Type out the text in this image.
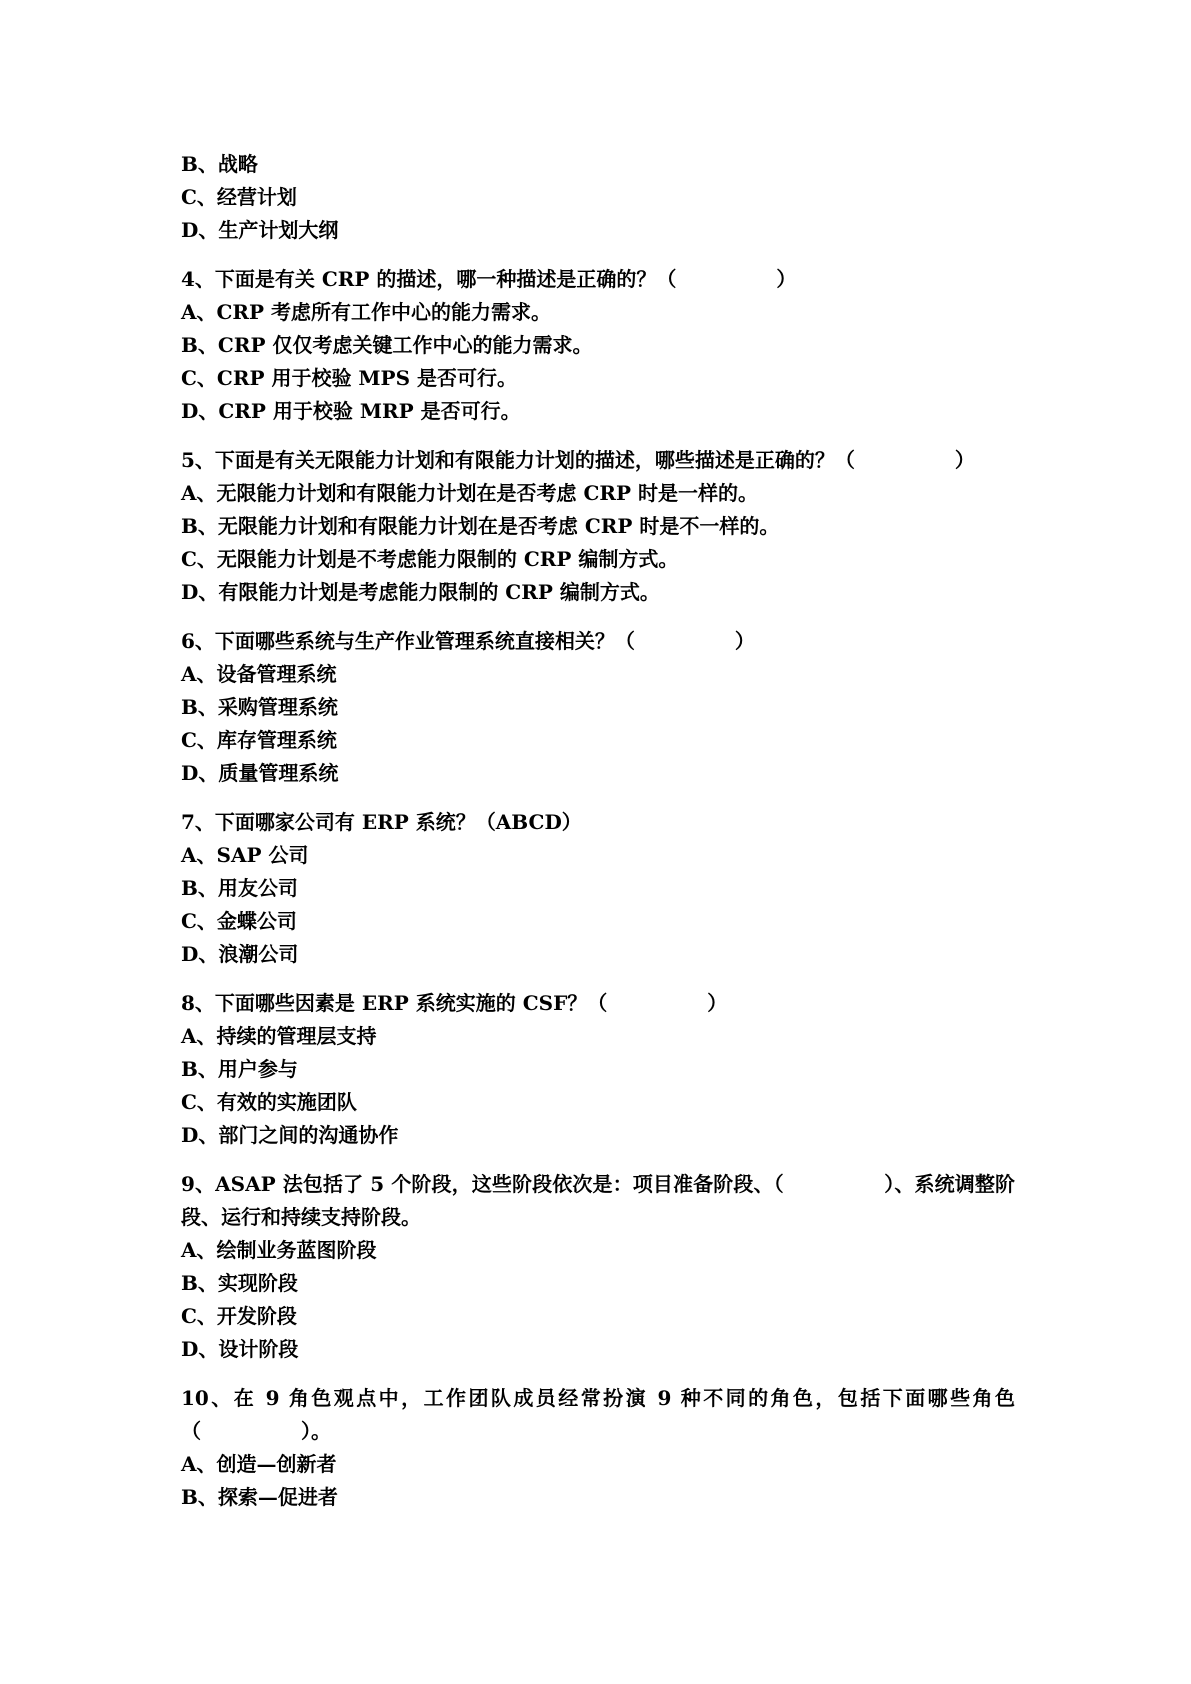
B、战略
C、经营计划
D、生产计划大纲
4、下面是有关 CRP 的描述，哪一种描述是正确的？（　　　　　）
A、CRP 考虑所有工作中心的能力需求。
B、CRP 仅仅考虑关键工作中心的能力需求。
C、CRP 用于校验 MPS 是否可行。
D、CRP 用于校验 MRP 是否可行。
5、下面是有关无限能力计划和有限能力计划的描述，哪些描述是正确的？（　　　　　）
A、无限能力计划和有限能力计划在是否考虑 CRP 时是一样的。
B、无限能力计划和有限能力计划在是否考虑 CRP 时是不一样的。
C、无限能力计划是不考虑能力限制的 CRP 编制方式。
D、有限能力计划是考虑能力限制的 CRP 编制方式。
6、下面哪些系统与生产作业管理系统直接相关？（　　　　　）
A、设备管理系统
B、采购管理系统
C、库存管理系统
D、质量管理系统
7、下面哪家公司有 ERP 系统？（ABCD）
A、SAP 公司
B、用友公司
C、金蝶公司
D、浪潮公司
8、下面哪些因素是 ERP 系统实施的 CSF？（　　　　　）
A、持续的管理层支持
B、用户参与
C、有效的实施团队
D、部门之间的沟通协作
9、ASAP 法包括了 5 个阶段，这些阶段依次是：项目准备阶段、（　　　　　）、系统调整阶段、运行和持续支持阶段。
A、绘制业务蓝图阶段
B、实现阶段
C、开发阶段
D、设计阶段
10、在 9 角色观点中，工作团队成员经常扮演 9 种不同的角色，包括下面哪些角色（　　　　　）。
A、创造—创新者
B、探索—促进者
